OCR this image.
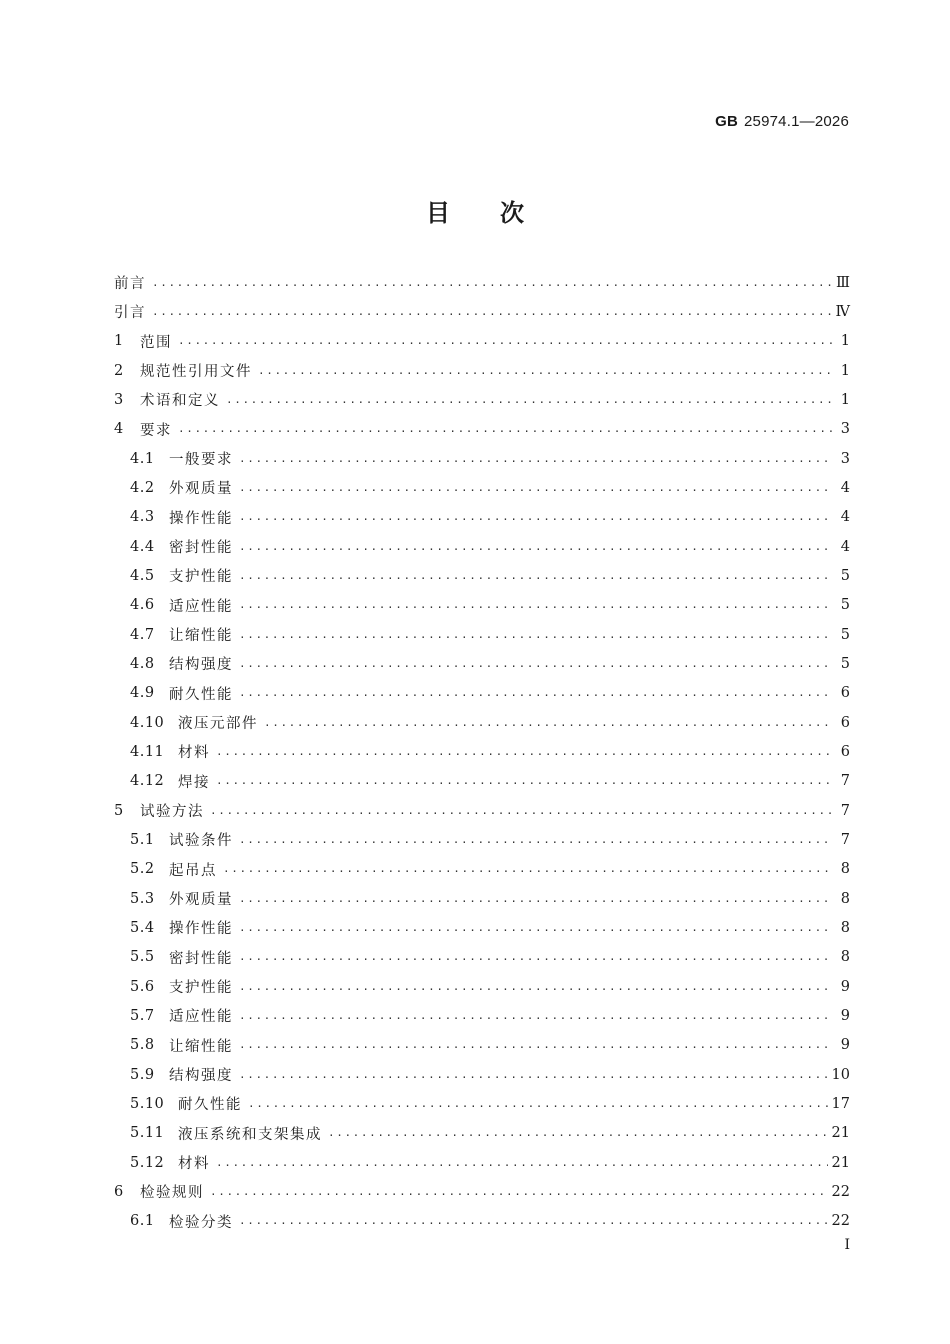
GB 25974.1—2026
目 次
前言 .....	Ⅲ
引言 .....	Ⅳ
1	范围 .....	1
2	规范性引用文件 .....	1
3	术语和定义 .....	1
4	要求 .....	3
4.1 一般要求 .....	3
4.2 外观质量 .....	4
4.3 操作性能 .....	4
4.4 密封性能 .....	4
4.5 支护性能 .....	5
4.6 适应性能 .....	5
4.7 让缩性能 .....	5
4.8 结构强度 .....	5
4.9 耐久性能 .....	6
4.10 液压元部件 .....	6
4.11 材料 .....	6
4.12 焊接 .....	7
5	试验方法 .....	7
5.1 试验条件 .....	7
5.2 起吊点 .....	8
5.3 外观质量 .....	8
5.4 操作性能 .....	8
5.5 密封性能 .....	8
5.6 支护性能 .....	9
5.7 适应性能 .....	9
5.8 让缩性能 .....	9
5.9 结构强度 .....	10
5.10 耐久性能 .....	17
5.11 液压系统和支架集成 .....	21
5.12 材料 .....	21
6	检验规则 .....	22
6.1 检验分类 .....	22
I
